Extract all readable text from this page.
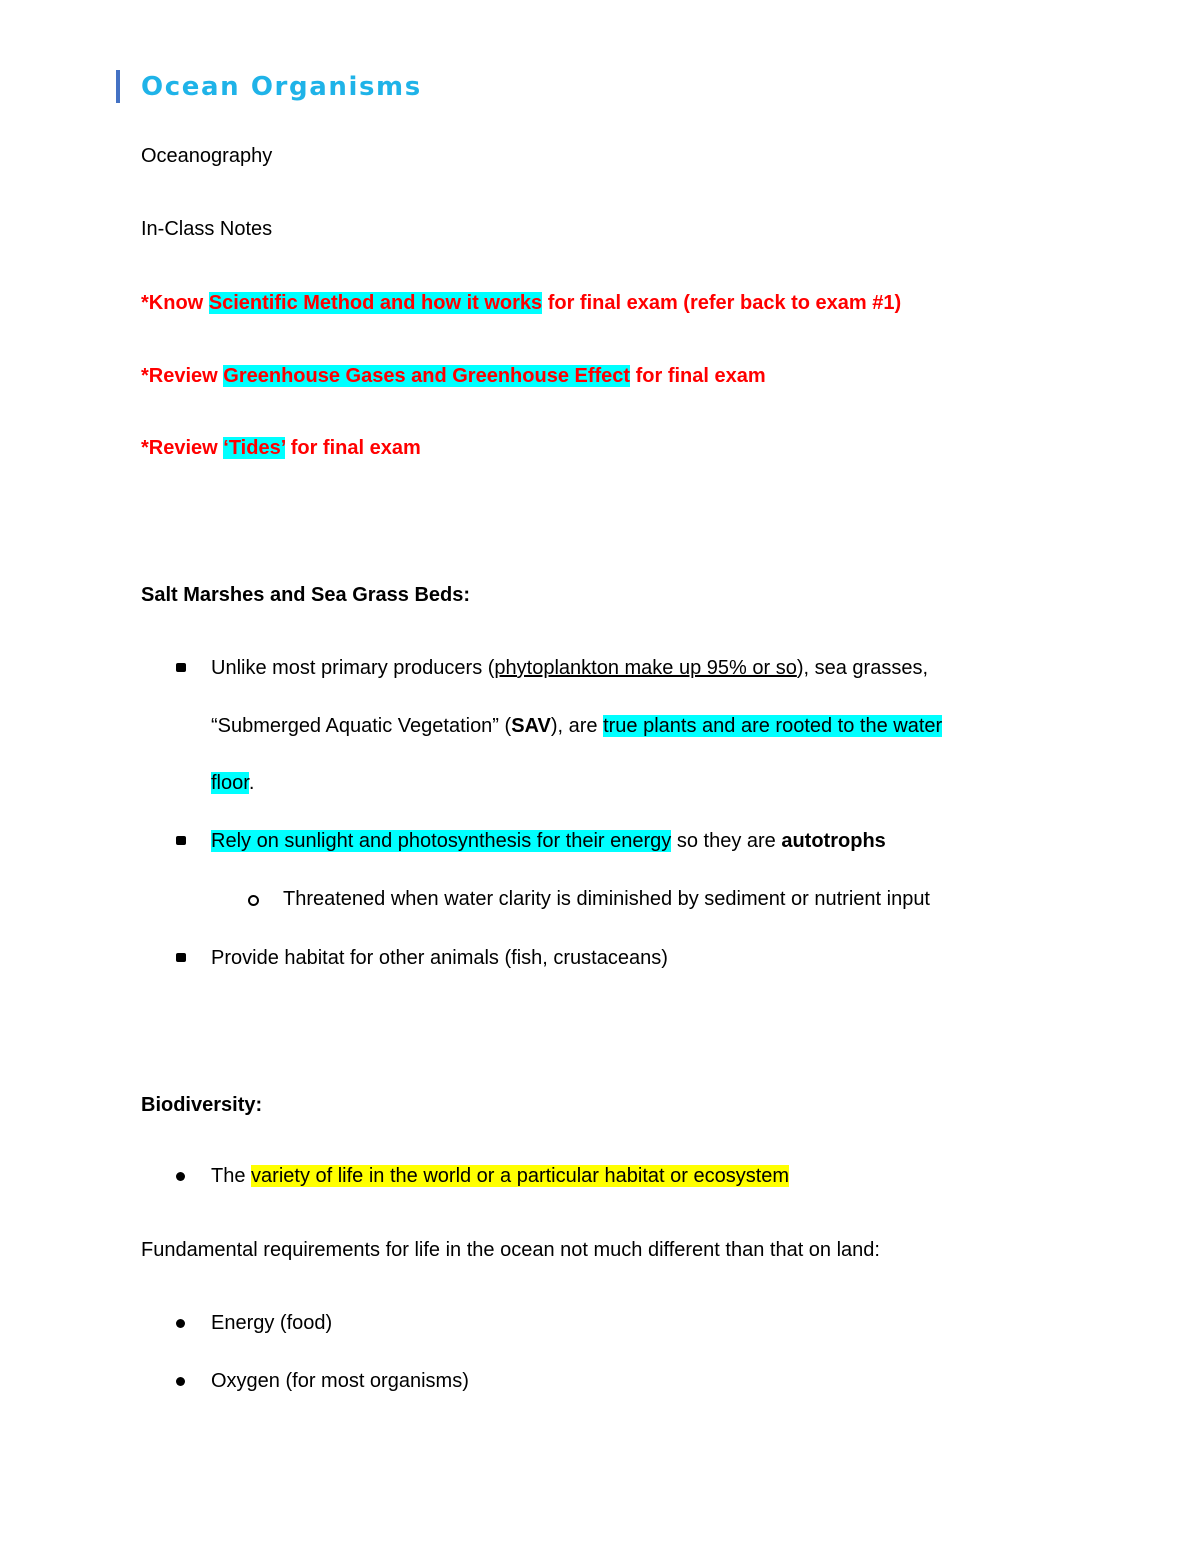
Ocean Organisms
Oceanography
In-Class Notes
*Know Scientific Method and how it works for final exam (refer back to exam #1)
*Review Greenhouse Gases and Greenhouse Effect for final exam
*Review ‘Tides’ for final exam
Salt Marshes and Sea Grass Beds:
Unlike most primary producers (phytoplankton make up 95% or so), sea grasses,
“Submerged Aquatic Vegetation” (SAV), are true plants and are rooted to the water
floor.
Rely on sunlight and photosynthesis for their energy so they are autotrophs
Threatened when water clarity is diminished by sediment or nutrient input
Provide habitat for other animals (fish, crustaceans)
Biodiversity:
The variety of life in the world or a particular habitat or ecosystem
Fundamental requirements for life in the ocean not much different than that on land:
Energy (food)
Oxygen (for most organisms)
